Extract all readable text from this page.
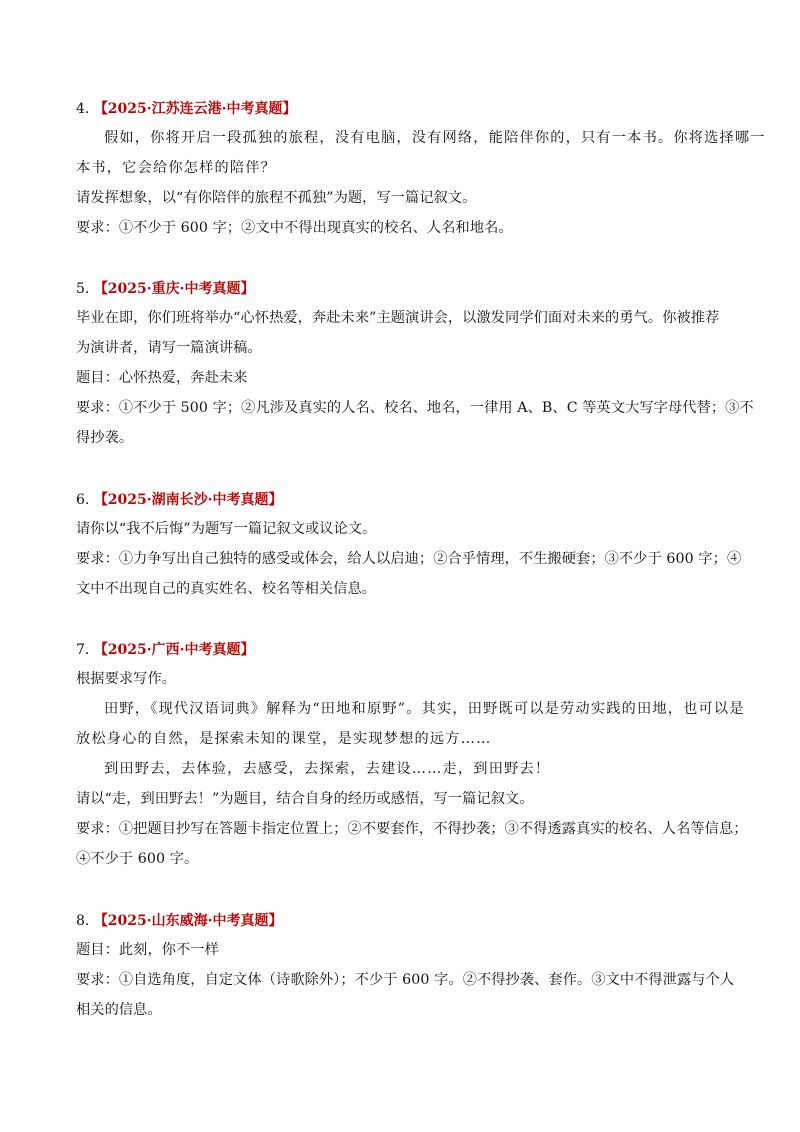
4. 【2025·江苏连云港·中考真题】
假如，你将开启一段孤独的旅程，没有电脑，没有网络，能陪伴你的，只有一本书。你将选择哪一
本书，它会给你怎样的陪伴？
请发挥想象，以“有你陪伴的旅程不孤独”为题，写一篇记叙文。
要求：①不少于 600 字；②文中不得出现真实的校名、人名和地名。
5. 【2025·重庆·中考真题】
毕业在即，你们班将举办“心怀热爱，奔赴未来”主题演讲会，以激发同学们面对未来的勇气。你被推荐
为演讲者，请写一篇演讲稿。
题目：心怀热爱，奔赴未来
要求：①不少于 500 字；②凡涉及真实的人名、校名、地名，一律用 A、B、C 等英文大写字母代替；③不
得抄袭。
6. 【2025·湖南长沙·中考真题】
请你以“我不后悔”为题写一篇记叙文或议论文。
要求：①力争写出自己独特的感受或体会，给人以启迪；②合乎情理，不生搬硬套；③不少于 600 字；④
文中不出现自己的真实姓名、校名等相关信息。
7. 【2025·广西·中考真题】
根据要求写作。
田野，《现代汉语词典》解释为“田地和原野”。其实，田野既可以是劳动实践的田地，也可以是
放松身心的自然，是探索未知的课堂，是实现梦想的远方……
到田野去，去体验，去感受，去探索，去建设……走，到田野去！
请以“走，到田野去！”为题目，结合自身的经历或感悟，写一篇记叙文。
要求：①把题目抄写在答题卡指定位置上；②不要套作，不得抄袭；③不得透露真实的校名、人名等信息；
④不少于 600 字。
8. 【2025·山东威海·中考真题】
题目：此刻，你不一样
要求：①自选角度，自定文体（诗歌除外）；不少于 600 字。②不得抄袭、套作。③文中不得泄露与个人
相关的信息。
